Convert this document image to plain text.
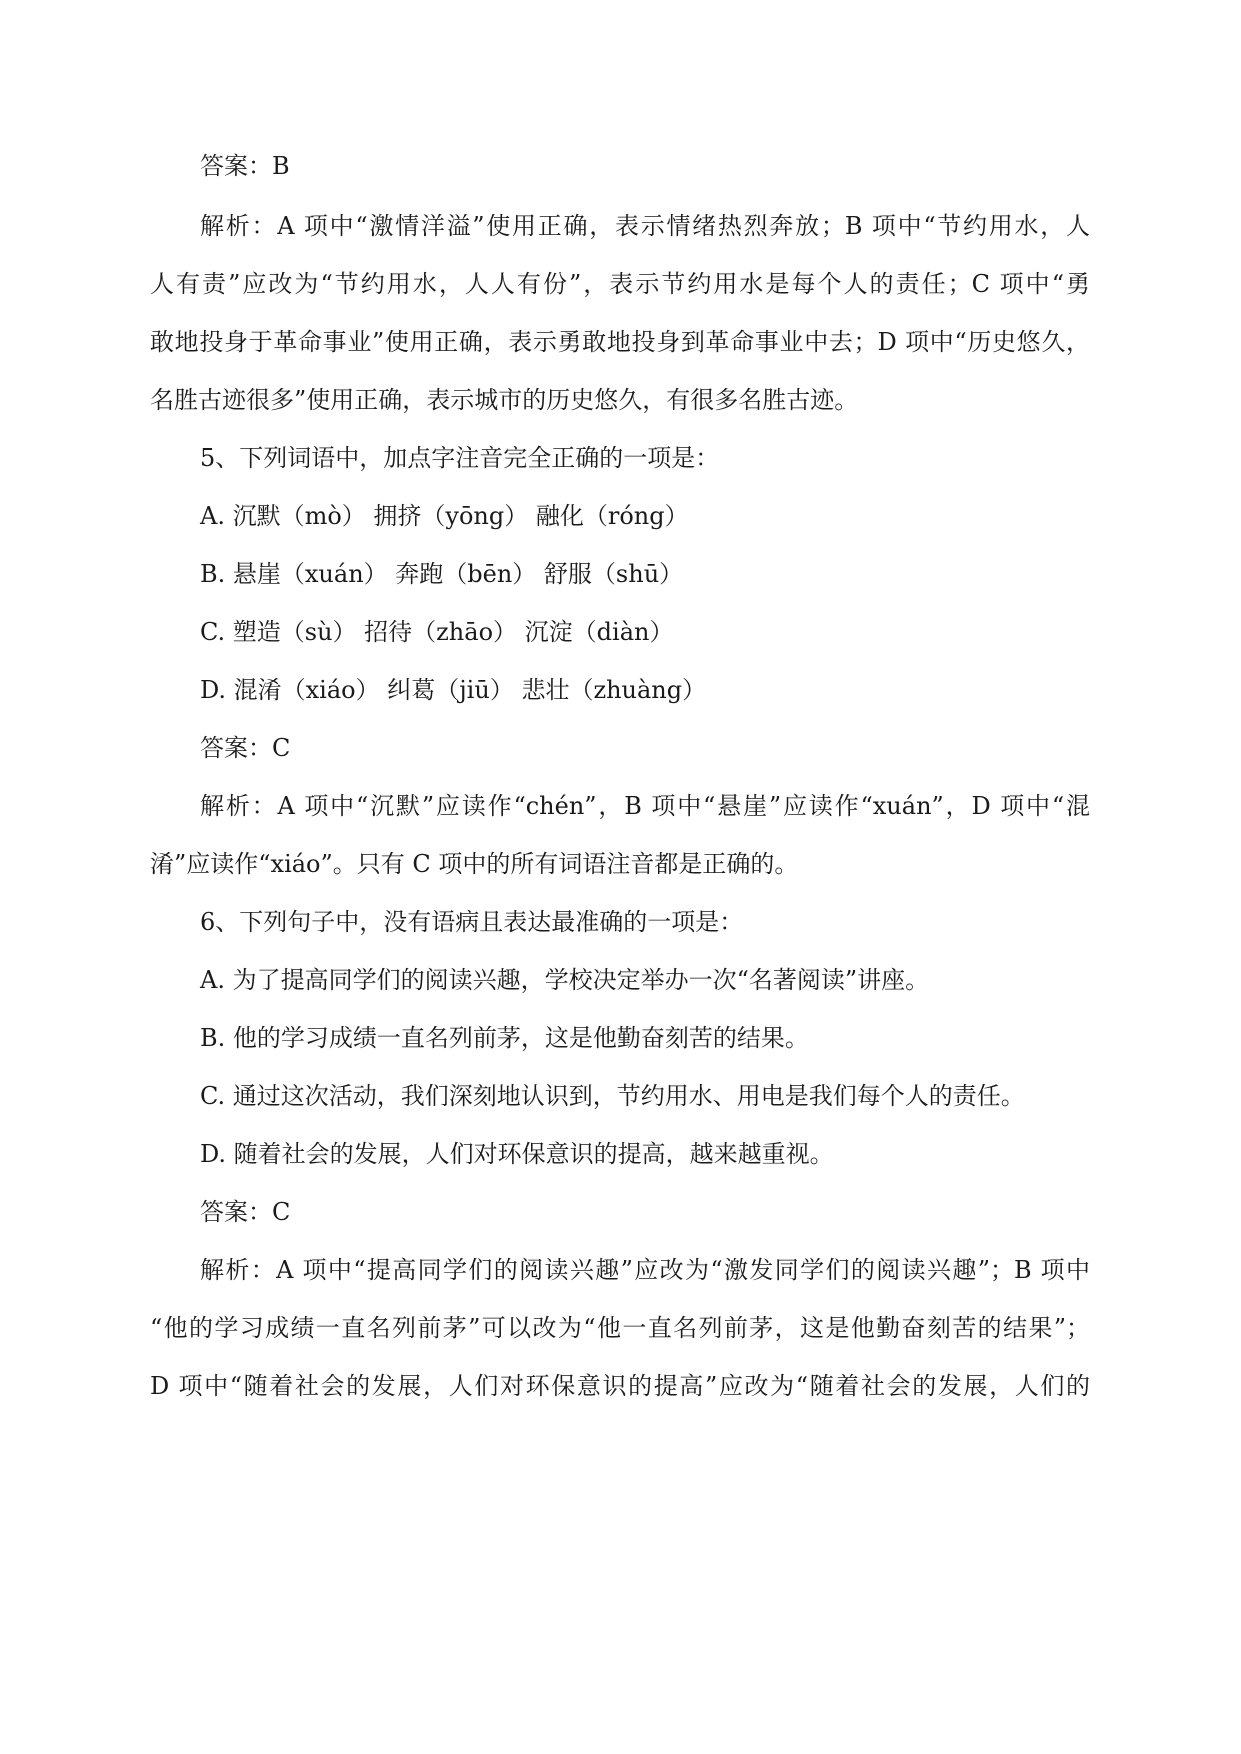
答案：B
解析：A 项中“激情洋溢”使用正确，表示情绪热烈奔放；B 项中“节约用水，人
人有责”应改为“节约用水，人人有份”，表示节约用水是每个人的责任；C 项中“勇
敢地投身于革命事业”使用正确，表示勇敢地投身到革命事业中去；D 项中“历史悠久，
名胜古迹很多”使用正确，表示城市的历史悠久，有很多名胜古迹。
5、下列词语中，加点字注音完全正确的一项是：
A. 沉默（mò） 拥挤（yōng） 融化（róng）
B. 悬崖（xuán） 奔跑（bēn） 舒服（shū）
C. 塑造（sù） 招待（zhāo） 沉淀（diàn）
D. 混淆（xiáo） 纠葛（jiū） 悲壮（zhuàng）
答案：C
解析：A 项中“沉默”应读作“chén”，B 项中“悬崖”应读作“xuán”，D 项中“混
淆”应读作“xiáo”。只有 C 项中的所有词语注音都是正确的。
6、下列句子中，没有语病且表达最准确的一项是：
A. 为了提高同学们的阅读兴趣，学校决定举办一次“名著阅读”讲座。
B. 他的学习成绩一直名列前茅，这是他勤奋刻苦的结果。
C. 通过这次活动，我们深刻地认识到，节约用水、用电是我们每个人的责任。
D. 随着社会的发展，人们对环保意识的提高，越来越重视。
答案：C
解析：A 项中“提高同学们的阅读兴趣”应改为“激发同学们的阅读兴趣”；B 项中
“他的学习成绩一直名列前茅”可以改为“他一直名列前茅，这是他勤奋刻苦的结果”；
D 项中“随着社会的发展，人们对环保意识的提高”应改为“随着社会的发展，人们的
